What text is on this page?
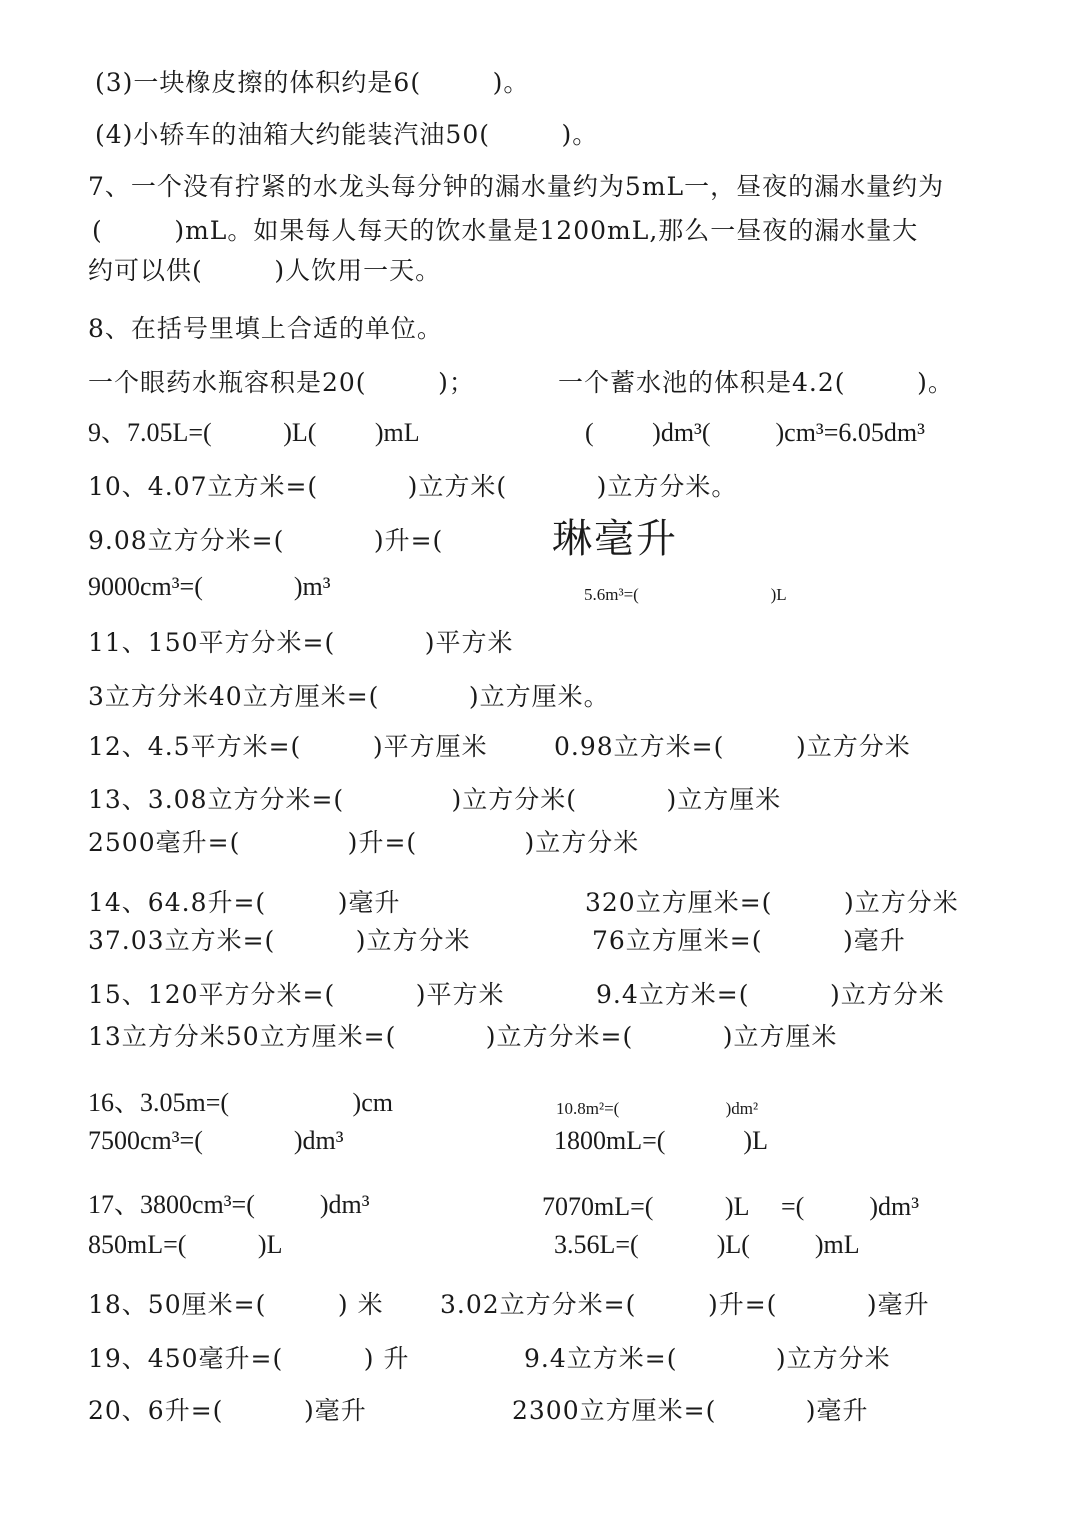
(3)一块橡皮擦的体积约是6(        )。
(4)小轿车的油箱大约能装汽油50(        )。
7、一个没有拧紧的水龙头每分钟的漏水量约为5mL一，昼夜的漏水量约为
(        )mL。如果每人每天的饮水量是1200mL,那么一昼夜的漏水量大
约可以供(        )人饮用一天。
8、在括号里填上合适的单位。
一个眼药水瓶容积是20(        )；	一个蓄水池的体积是4.2(        )。
9、7.05L=(           )L(         )mL	(         )dm³(          )cm³=6.05dm³
10、4.07立方米=(          )立方米(          )立方分米。
9.08立方分米=(          )升=(	琳毫升
9000cm³=(              )m³	5.6m³=(                               )L
11、150平方分米=(          )平方米
3立方分米40立方厘米=(          )立方厘米。
12、4.5平方米=(        )平方厘米	0.98立方米=(        )立方分米
13、3.08立方分米=(            )立方分米(          )立方厘米
2500毫升=(            )升=(            )立方分米
14、64.8升=(        )毫升	320立方厘米=(        )立方分米
37.03立方米=(         )立方分米	76立方厘米=(         )毫升
15、120平方分米=(         )平方米	9.4立方米=(         )立方分米
13立方分米50立方厘米=(          )立方分米=(          )立方厘米
16、3.05m=(                   )cm	10.8m²=(                         )dm²
7500cm³=(              )dm³	1800mL=(            )L
17、3800cm³=(          )dm³	7070mL=(           )L     =(          )dm³
850mL=(           )L	3.56L=(            )L(          )mL
18、50厘米=(        ) 米 3.02立方分米=(        )升=(          )毫升
19、450毫升=(         ) 升	9.4立方米=(           )立方分米
20、6升=(         )毫升	2300立方厘米=(          )毫升
